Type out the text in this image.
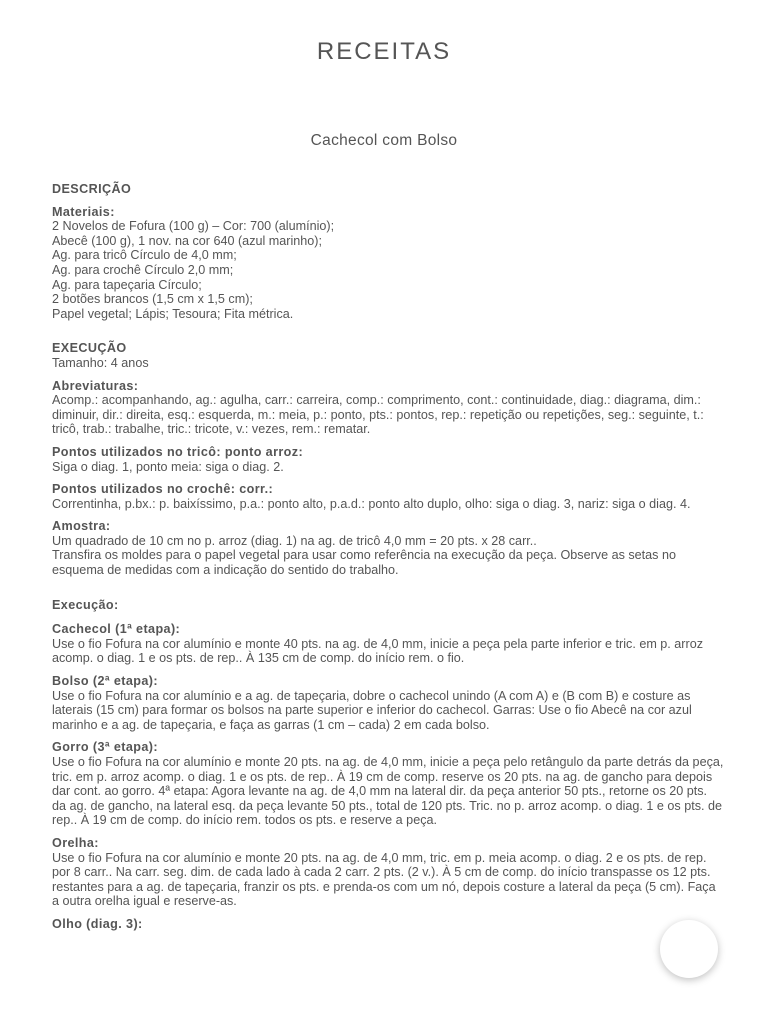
RECEITAS
Cachecol com Bolso
DESCRIÇÃO
Materiais:
2 Novelos de Fofura (100 g) – Cor: 700 (alumínio);
Abecê (100 g), 1 nov. na cor 640 (azul marinho);
Ag. para tricô Círculo de 4,0 mm;
Ag. para crochê Círculo 2,0 mm;
Ag. para tapeçaria Círculo;
2 botões brancos (1,5 cm x 1,5 cm);
Papel vegetal; Lápis; Tesoura; Fita métrica.
EXECUÇÃO
Tamanho: 4 anos
Abreviaturas:
Acomp.: acompanhando, ag.: agulha, carr.: carreira, comp.: comprimento, cont.: continuidade, diag.: diagrama, dim.: diminuir, dir.: direita, esq.: esquerda, m.: meia, p.: ponto, pts.: pontos, rep.: repetição ou repetições, seg.: seguinte, t.: tricô, trab.: trabalhe, tric.: tricote, v.: vezes, rem.: rematar.
Pontos utilizados no tricô: ponto arroz:
Siga o diag. 1, ponto meia: siga o diag. 2.
Pontos utilizados no crochê: corr.:
Correntinha, p.bx.: p. baixíssimo, p.a.: ponto alto, p.a.d.: ponto alto duplo, olho: siga o diag. 3, nariz: siga o diag. 4.
Amostra:
Um quadrado de 10 cm no p. arroz (diag. 1) na ag. de tricô 4,0 mm = 20 pts. x 28 carr..
Transfira os moldes para o papel vegetal para usar como referência na execução da peça. Observe as setas no esquema de medidas com a indicação do sentido do trabalho.
Execução:
Cachecol (1ª etapa):
Use o fio Fofura na cor alumínio e monte 40 pts. na ag. de 4,0 mm, inicie a peça pela parte inferior e tric. em p. arroz acomp. o diag. 1 e os pts. de rep.. À 135 cm de comp. do início rem. o fio.
Bolso (2ª etapa):
Use o fio Fofura na cor alumínio e a ag. de tapeçaria, dobre o cachecol unindo (A com A) e (B com B) e costure as laterais (15 cm) para formar os bolsos na parte superior e inferior do cachecol. Garras: Use o fio Abecê na cor azul marinho e a ag. de tapeçaria, e faça as garras (1 cm – cada) 2 em cada bolso.
Gorro (3ª etapa):
Use o fio Fofura na cor alumínio e monte 20 pts. na ag. de 4,0 mm, inicie a peça pelo retângulo da parte detrás da peça, tric. em p. arroz acomp. o diag. 1 e os pts. de rep.. À 19 cm de comp. reserve os 20 pts. na ag. de gancho para depois dar cont. ao gorro. 4ª etapa: Agora levante na ag. de 4,0 mm na lateral dir. da peça anterior 50 pts., retorne os 20 pts. da ag. de gancho, na lateral esq. da peça levante 50 pts., total de 120 pts. Tric. no p. arroz acomp. o diag. 1 e os pts. de rep.. À 19 cm de comp. do início rem. todos os pts. e reserve a peça.
Orelha:
Use o fio Fofura na cor alumínio e monte 20 pts. na ag. de 4,0 mm, tric. em p. meia acomp. o diag. 2 e os pts. de rep. por 8 carr.. Na carr. seg. dim. de cada lado à cada 2 carr. 2 pts. (2 v.). À 5 cm de comp. do início transpasse os 12 pts. restantes para a ag. de tapeçaria, franzir os pts. e prenda-os com um nó, depois costure a lateral da peça (5 cm). Faça a outra orelha igual e reserve-as.
Olho (diag. 3):
